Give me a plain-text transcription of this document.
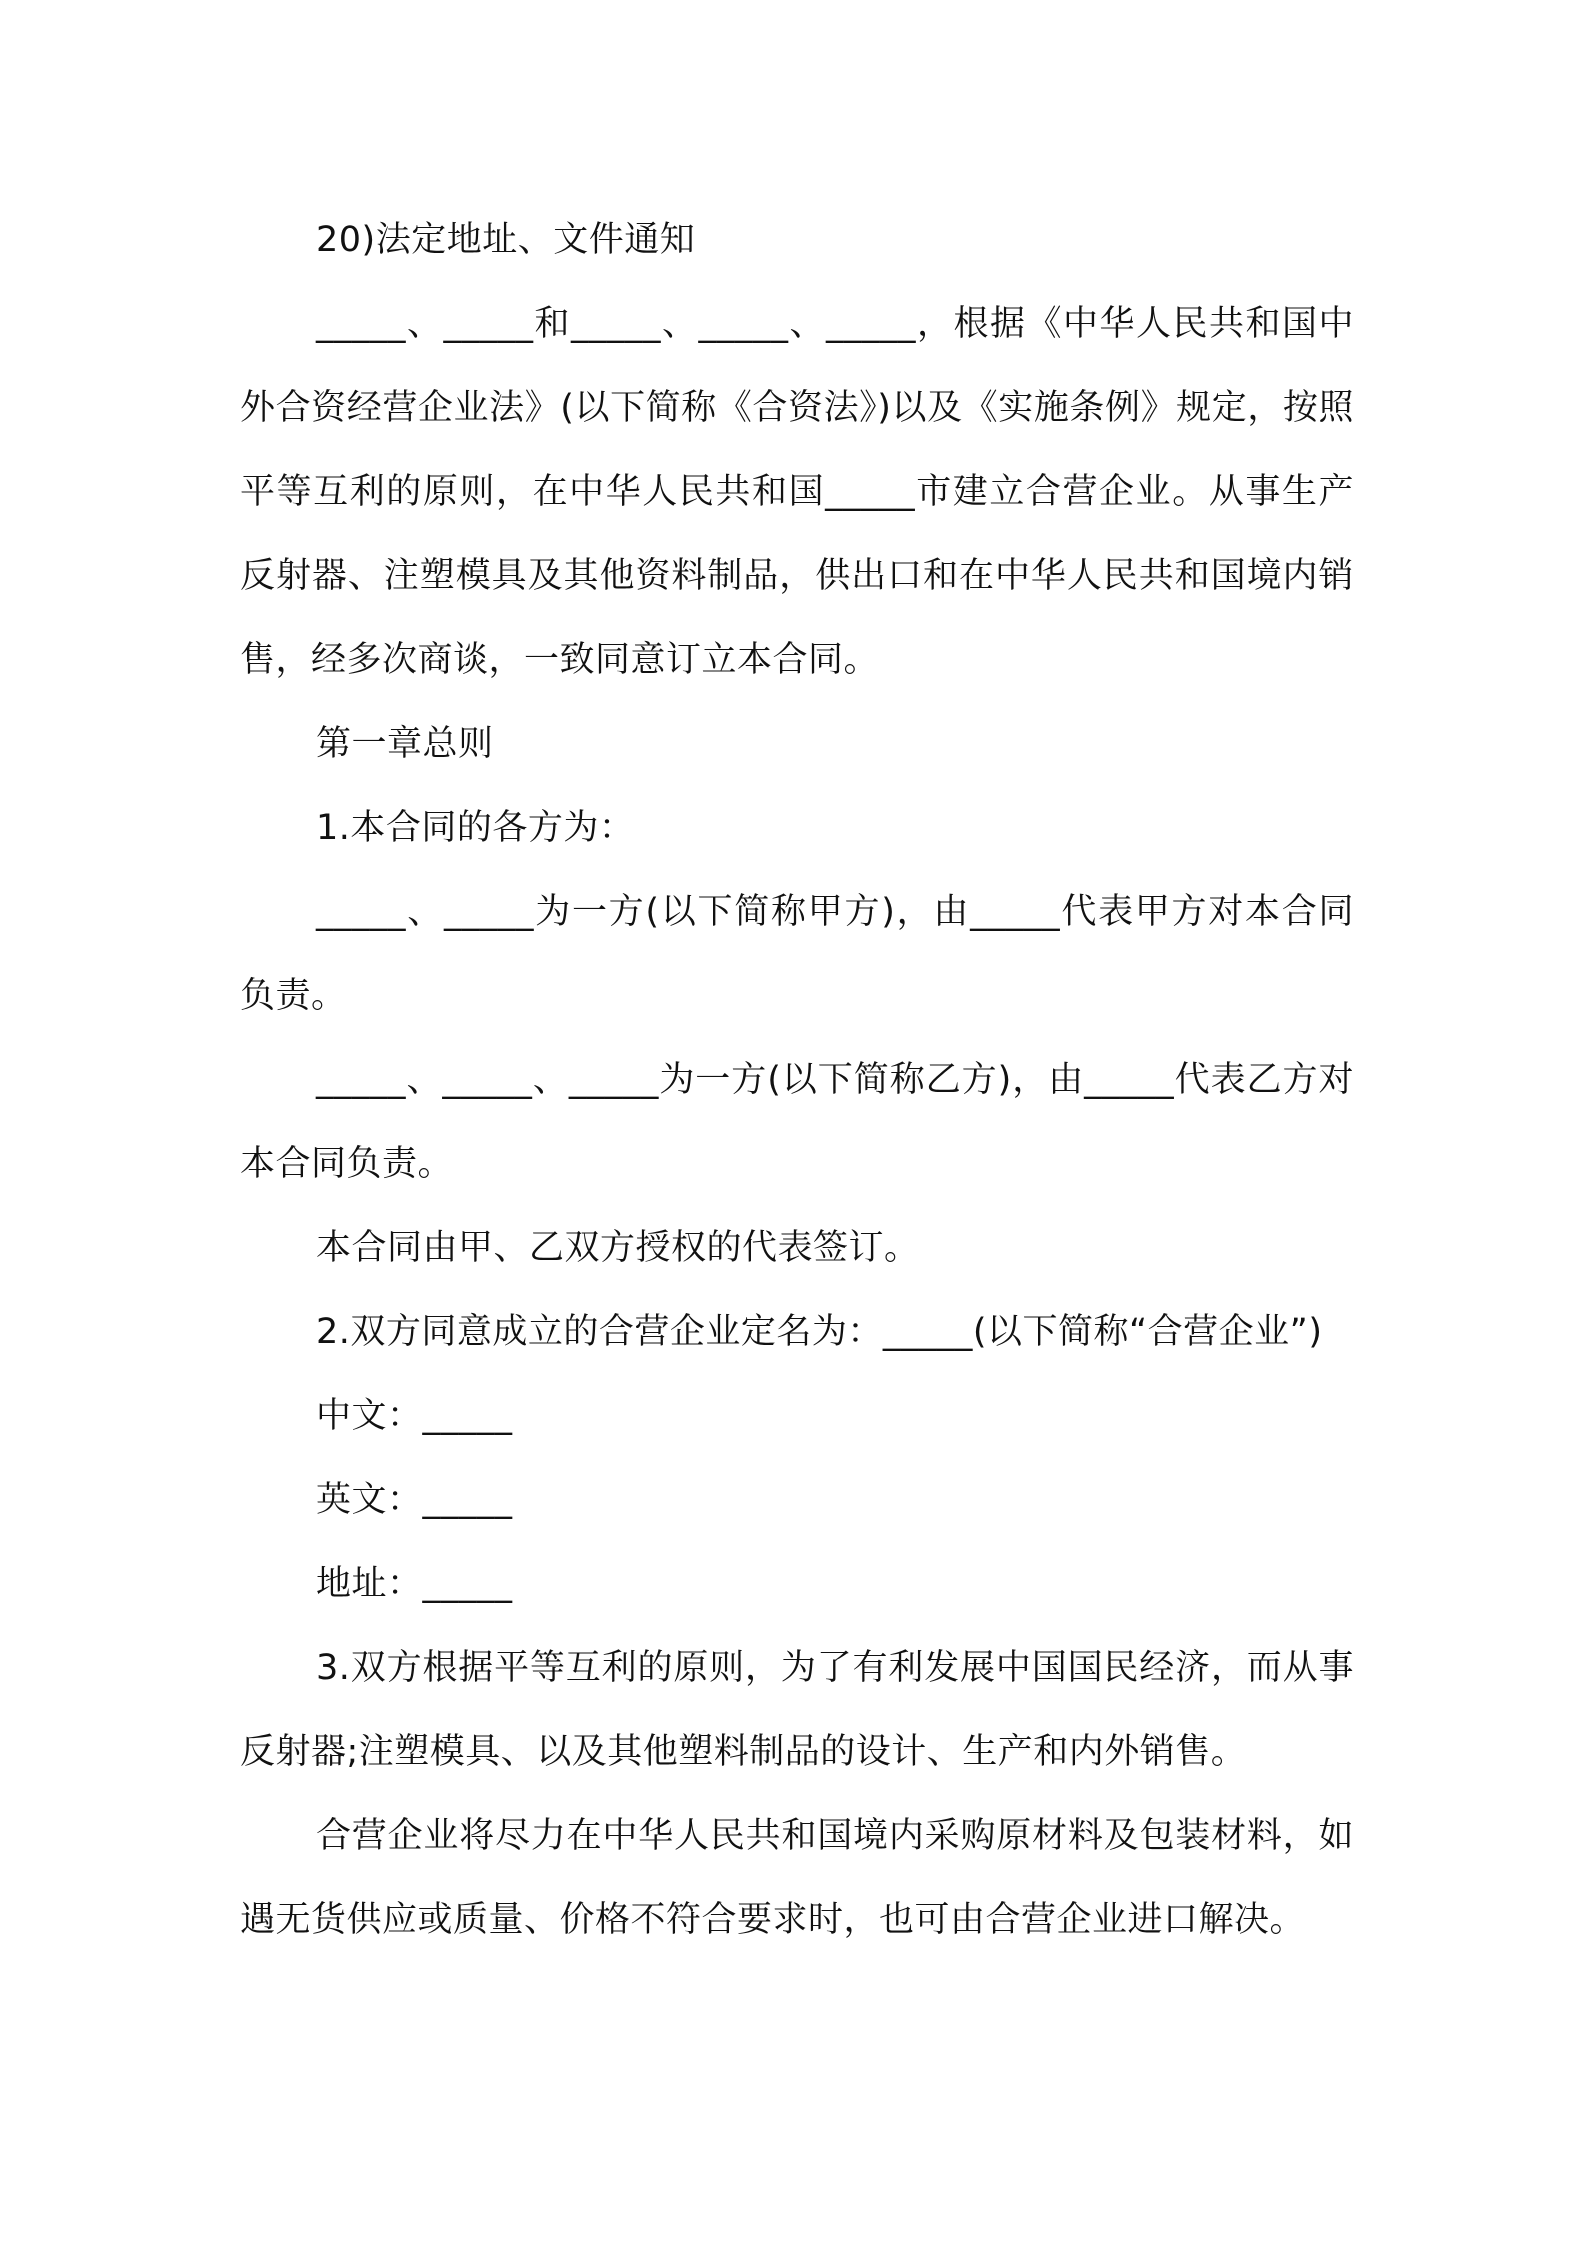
20)法定地址、文件通知

_____、_____和_____、_____、_____，根据《中华人民共和国中外合资经营企业法》(以下简称《合资法》)以及《实施条例》规定，按照平等互利的原则，在中华人民共和国_____市建立合营企业。从事生产反射器、注塑模具及其他资料制品，供出口和在中华人民共和国境内销售，经多次商谈，一致同意订立本合同。

第一章总则

1.本合同的各方为：

_____、_____为一方(以下简称甲方)，由_____代表甲方对本合同负责。

_____、_____、_____为一方(以下简称乙方)，由_____代表乙方对本合同负责。

本合同由甲、乙双方授权的代表签订。

2.双方同意成立的合营企业定名为：_____(以下简称“合营企业”)

中文：_____

英文：_____

地址：_____

3.双方根据平等互利的原则，为了有利发展中国国民经济，而从事反射器;注塑模具、以及其他塑料制品的设计、生产和内外销售。

合营企业将尽力在中华人民共和国境内采购原材料及包装材料，如遇无货供应或质量、价格不符合要求时，也可由合营企业进口解决。
